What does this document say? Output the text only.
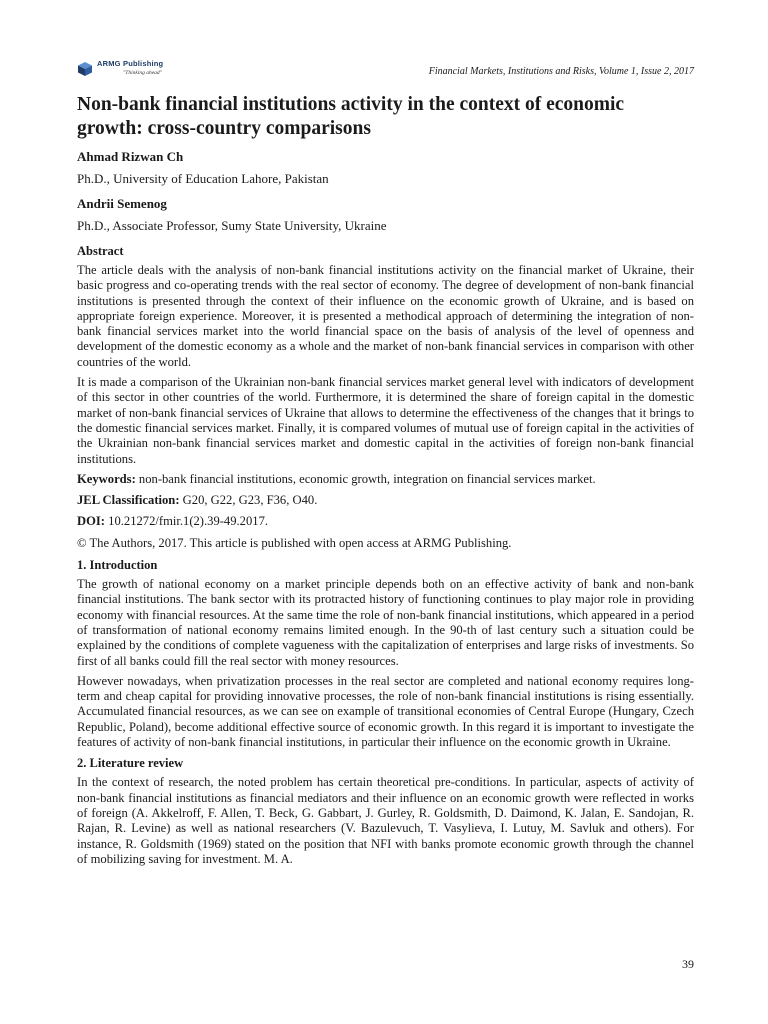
ARMG Publishing
"Thinking ahead"	Financial Markets, Institutions and Risks, Volume 1, Issue 2, 2017
Non-bank financial institutions activity in the context of economic growth: cross-country comparisons
Ahmad Rizwan Ch
Ph.D., University of Education Lahore, Pakistan
Andrii Semenog
Ph.D., Associate Professor, Sumy State University, Ukraine
Abstract

The article deals with the analysis of non-bank financial institutions activity on the financial market of Ukraine, their basic progress and co-operating trends with the real sector of economy. The degree of development of non-bank financial institutions is presented through the context of their influence on the economic growth of Ukraine, and is based on appropriate foreign experience. Moreover, it is presented a methodical approach of determining the integration of non-bank financial services market into the world financial space on the basis of analysis of the level of openness and development of the domestic economy as a whole and the market of non-bank financial services in comparison with other countries of the world.

It is made a comparison of the Ukrainian non-bank financial services market general level with indicators of development of this sector in other countries of the world. Furthermore, it is determined the share of foreign capital in the domestic market of non-bank financial services of Ukraine that allows to determine the effectiveness of the changes that it brings to the domestic financial services market. Finally, it is compared volumes of mutual use of foreign capital in the activities of the Ukrainian non-bank financial services market and domestic capital in the activities of foreign non-bank financial institutions.

Keywords: non-bank financial institutions, economic growth, integration on financial services market.

JEL Classification: G20, G22, G23, F36, O40.

DOI: 10.21272/fmir.1(2).39-49.2017.

© The Authors, 2017. This article is published with open access at ARMG Publishing.

1. Introduction

The growth of national economy on a market principle depends both on an effective activity of bank and non-bank financial institutions. The bank sector with its protracted history of functioning continues to play major role in providing economy with financial resources. At the same time the role of non-bank financial institutions, which appeared in a period of transformation of national economy remains limited enough. In the 90-th of last century such a situation could be explained by the conditions of complete vagueness with the capitalization of enterprises and large risks of investments. So first of all banks could fill the real sector with money resources.

However nowadays, when privatization processes in the real sector are completed and national economy requires long-term and cheap capital for providing innovative processes, the role of non-bank financial institutions is rising essentially. Accumulated financial resources, as we can see on example of transitional economies of Central Europe (Hungary, Czech Republic, Poland), become additional effective source of economic growth. In this regard it is important to investigate the features of activity of non-bank financial institutions, in particular their influence on the economic growth in Ukraine.

2. Literature review

In the context of research, the noted problem has certain theoretical pre-conditions. In particular, aspects of activity of non-bank financial institutions as financial mediators and their influence on an economic growth were reflected in works of foreign (A. Akkelroff, F. Allen, T. Beck, G. Gabbart, J. Gurley, R. Goldsmith, D. Daimond, K. Jalan, E. Sandojan, R. Rajan, R. Levine) as well as national researchers (V. Bazulevuch, T. Vasylieva, I. Lutuy, M. Savluk and others). For instance, R. Goldsmith (1969) stated on the position that NFI with banks promote economic growth through the channel of mobilizing saving for investment. M. A.

39
